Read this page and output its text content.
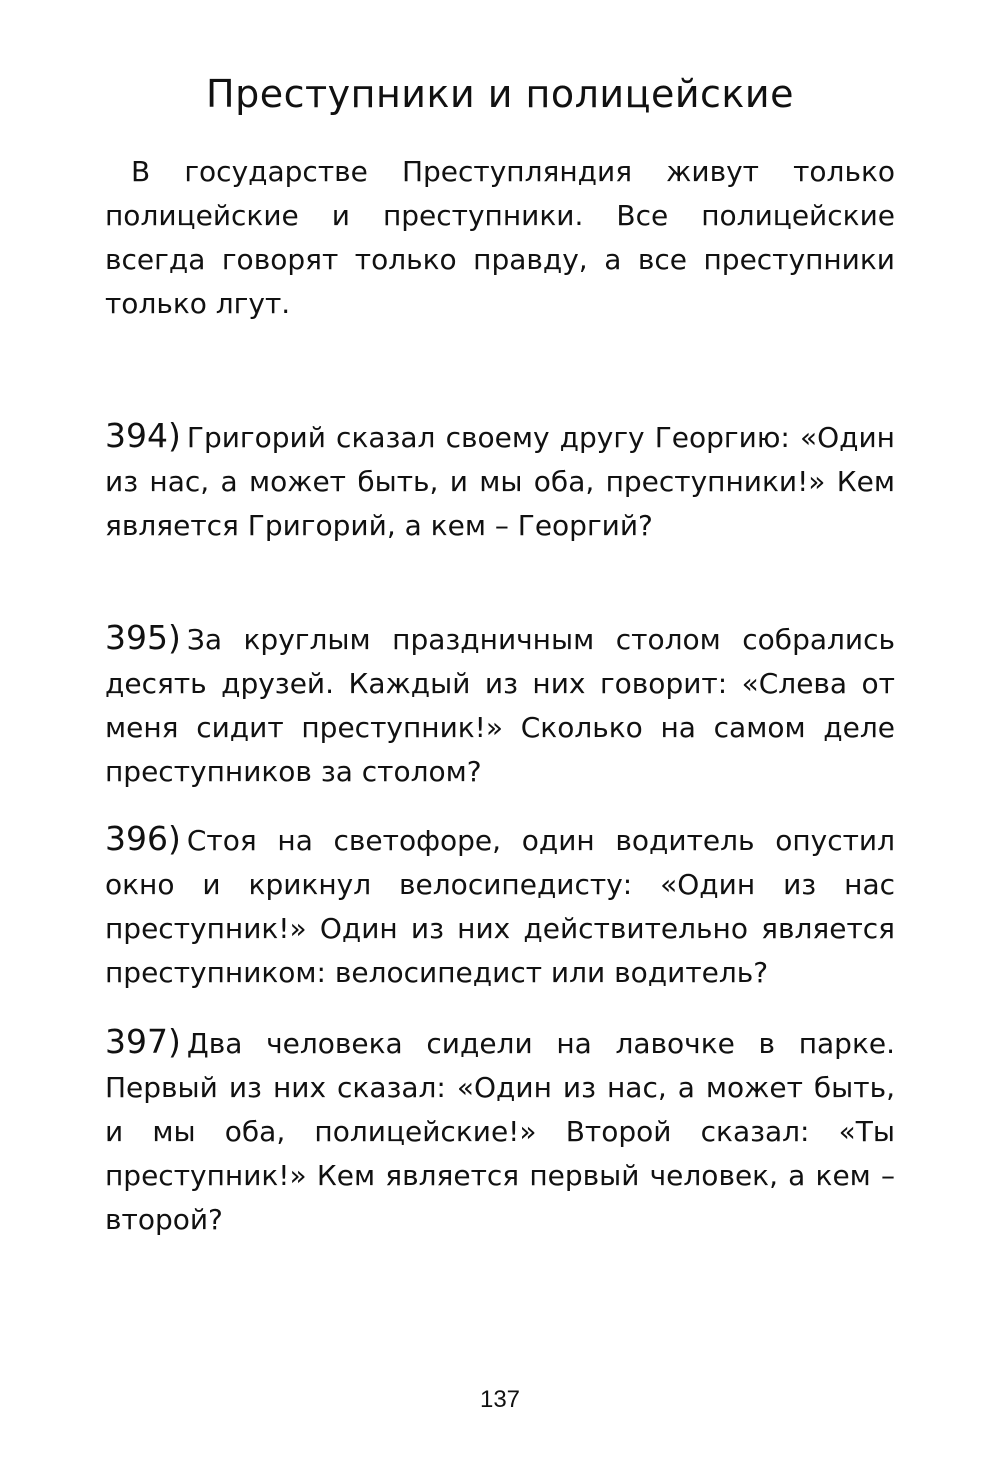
Преступники и полицейские

В государстве Преступляндия живут только полицейские и преступники. Все полицейские всегда говорят только правду, а все преступники только лгут.

394) Григорий сказал своему другу Георгию: «Один из нас, а может быть, и мы оба, преступники!» Кем является Григорий, а кем – Георгий?

395) За круглым праздничным столом собрались десять друзей. Каждый из них говорит: «Слева от меня сидит преступник!» Сколько на самом деле преступников за столом?

396) Стоя на светофоре, один водитель опустил окно и крикнул велосипедисту: «Один из нас преступник!» Один из них действительно является преступником: велосипедист или водитель?

397) Два человека сидели на лавочке в парке. Первый из них сказал: «Один из нас, а может быть, и мы оба, полицейские!» Второй сказал: «Ты преступник!» Кем является первый человек, а кем – второй?

137
